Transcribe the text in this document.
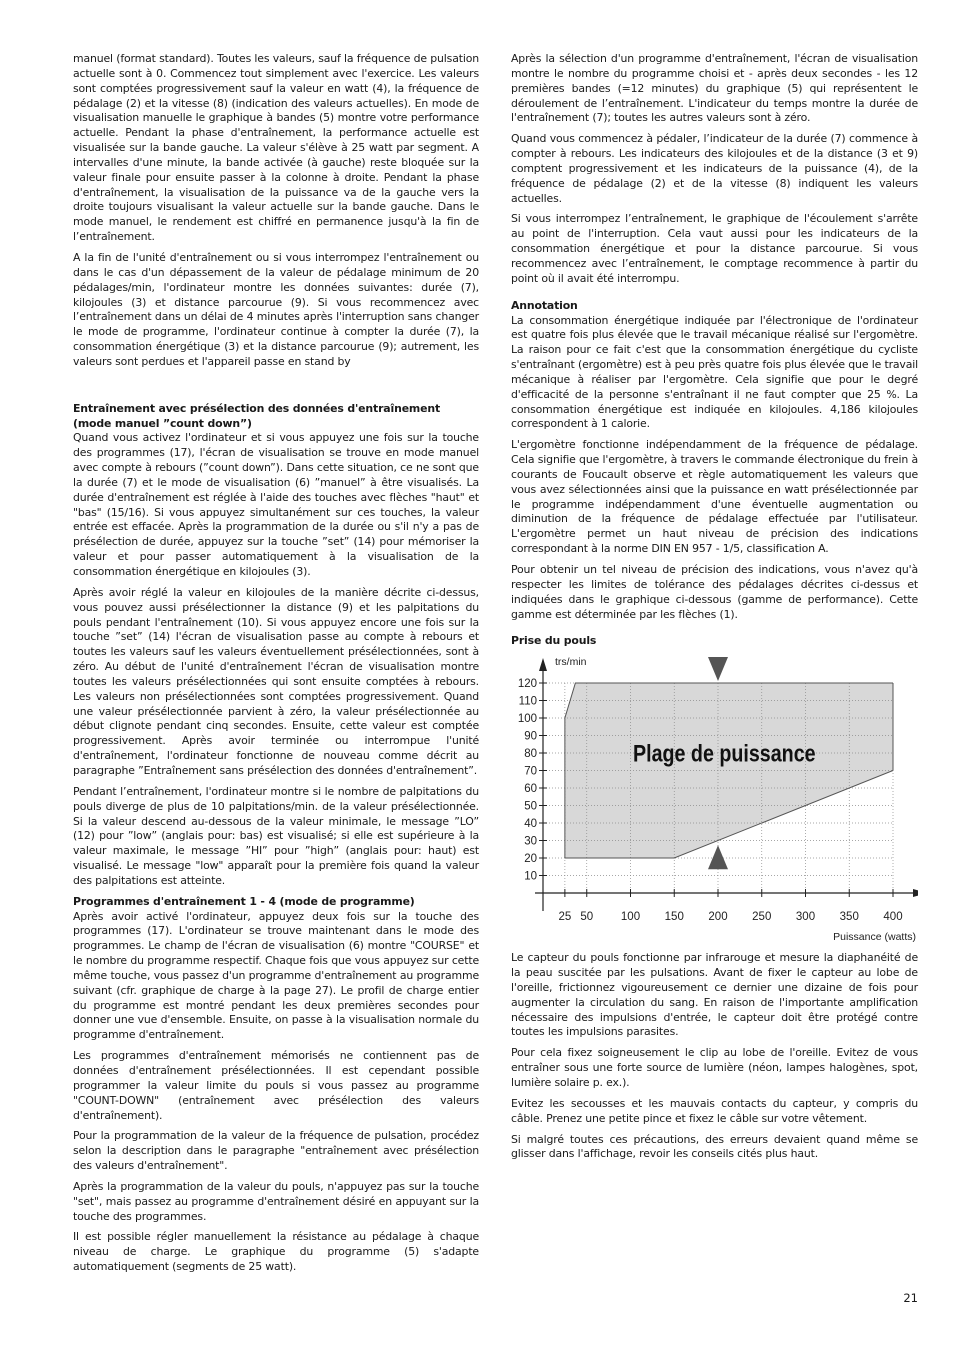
manuel (format standard). Toutes les valeurs, sauf la fréquence de pulsation actuelle sont à 0. Commencez tout simplement avec l'exercice. Les valeurs sont comptées progressivement sauf la valeur en watt (4), la fréquence de pédalage (2) et la vitesse (8) (indication des valeurs actuelles). En mode de visualisation manuelle le graphique à bandes (5) montre votre performance actuelle. Pendant la phase d'entraînement, la performance actuelle est visualisée sur la bande gauche. La valeur s'élève à 25 watt par segment. A intervalles d'une minute, la bande activée (à gauche) reste bloquée sur la valeur finale pour ensuite passer à la colonne à droite. Pendant la phase d'entraînement, la visualisation de la puissance va de la gauche vers la droite toujours visualisant la valeur actuelle sur la bande gauche. Dans le mode manuel, le rendement est chiffré en permanence jusqu'à la fin de l’entraînement.

A la fin de l'unité d'entraînement ou si vous interrompez l'entraînement ou dans le cas d'un dépassement de la valeur de pédalage minimum de 20 pédalages/min, l'ordinateur montre les données suivantes: durée (7), kilojoules (3) et distance parcourue (9). Si vous recommencez avec l’entraînement dans un délai de 4 minutes après l'interruption sans changer le mode de programme, l'ordinateur continue à compter la durée (7), la consommation énergétique (3) et la distance parcourue (9); autrement, les valeurs sont perdues et l'appareil passe en stand by

Entraînement avec présélection des données d'entraînement (mode manuel ”count down”)

Quand vous activez l'ordinateur et si vous appuyez une fois sur la touche des programmes (17), l'écran de visualisation se trouve en mode manuel avec compte à rebours (”count down”). Dans cette situation, ce ne sont que la durée (7) et le mode de visualisation (6) ”manuel” à être visualisés. La durée d'entraînement est réglée à l'aide des touches avec flèches "haut" et "bas" (15/16). Si vous appuyez simultanément sur ces touches, la valeur entrée est effacée. Après la programmation de la durée ou s'il n'y a pas de présélection de durée, appuyez sur la touche ”set” (14) pour mémoriser la valeur et pour passer automatiquement à la visualisation de la consommation énergétique en kilojoules (3).

Après avoir réglé la valeur en kilojoules de la manière décrite ci-dessus, vous pouvez aussi présélectionner la distance (9) et les palpitations du pouls pendant l'entraînement (10). Si vous appuyez encore une fois sur la touche ”set” (14) l'écran de visualisation passe au compte à rebours et toutes les valeurs sauf les valeurs éventuellement présélectionnées, sont à zéro. Au début de l'unité d'entraînement l'écran de visualisation montre toutes les valeurs présélectionnées qui sont ensuite comptées à rebours. Les valeurs non présélectionnées sont comptées progressivement. Quand une valeur présélectionnée parvient à zéro, la valeur présélectionnée au début clignote pendant cinq secondes. Ensuite, cette valeur est comptée progressivement. Après avoir terminée ou interrompue l'unité d'entraînement, l'ordinateur fonctionne de nouveau comme décrit au paragraphe ”Entraînement sans présélection des données d'entraînement”.

Pendant l’entraînement, l'ordinateur montre si le nombre de palpitations du pouls diverge de plus de 10 palpitations/min. de la valeur présélectionnée. Si la valeur descend au-dessous de la valeur minimale, le message ”LO” (12) pour ”low” (anglais pour: bas) est visualisé; si elle est supérieure à la valeur maximale, le message ”HI” pour ”high” (anglais pour: haut) est visualisé. Le message "low" apparaît pour la première fois quand la valeur des palpitations est atteinte.

Programmes d'entraînement 1 - 4 (mode de programme)

Après avoir activé l'ordinateur, appuyez deux fois sur la touche des programmes (17). L'ordinateur se trouve maintenant dans le mode des programmes. Le champ de l'écran de visualisation (6) montre "COURSE" et le nombre du programme respectif. Chaque fois que vous appuyez sur cette même touche, vous passez d'un programme d'entraînement au programme suivant (cfr. graphique de charge à la page 27). Le profil de charge entier du programme est montré pendant les deux premières secondes pour donner une vue d'ensemble. Ensuite, on passe à la visualisation normale du programme d'entraînement.

Les programmes d'entraînement mémorisés ne contiennent pas de données d'entraînement présélectionnées. Il est cependant possible programmer la valeur limite du pouls si vous passez au programme "COUNT-DOWN" (entraînement avec présélection des valeurs d'entraînement).

Pour la programmation de la valeur de la fréquence de pulsation, procédez selon la description dans le paragraphe "entraînement avec présélection des valeurs d'entraînement".

Après la programmation de la valeur du pouls, n'appuyez pas sur la touche "set", mais passez au programme d'entraînement désiré en appuyant sur la touche des programmes.

Il est possible régler manuellement la résistance au pédalage à chaque niveau de charge. Le graphique du programme (5) s'adapte automatiquement (segments de 25 watt).

Après la sélection d'un programme d'entraînement, l'écran de visualisation montre le nombre du programme choisi et - après deux secondes - les 12 premières bandes (=12 minutes) du graphique (5) qui représentent le déroulement de l’entraînement. L'indicateur du temps montre la durée de l'entraînement (7); toutes les autres valeurs sont à zéro.

Quand vous commencez à pédaler, l’indicateur de la durée (7) commence à compter à rebours. Les indicateurs des kilojoules et de la distance (3 et 9) comptent progressivement et les indicateurs de la puissance (4), de la fréquence de pédalage (2) et de la vitesse (8) indiquent les valeurs actuelles.

Si vous interrompez l’entraînement, le graphique de l'écoulement s'arrête au point de l'interruption. Cela vaut aussi pour les indicateurs de la consommation énergétique et pour la distance parcourue. Si vous recommencez avec l’entraînement, le comptage recommence à partir du point où il avait été interrompu.

Annotation

La consommation énergétique indiquée par l'électronique de l'ordinateur est quatre fois plus élevée que le travail mécanique réalisé sur l'ergomètre. La raison pour ce fait c'est que la consommation énergétique du cycliste s'entraînant (ergomètre) est à peu près quatre fois plus élevée que le travail mécanique à réaliser par l'ergomètre. Cela signifie que pour le degré d'efficacité de la personne s'entraînant il ne faut compter que 25 %. La consommation énergétique est indiquée en kilojoules. 4,186 kilojoules correspondent à 1 calorie.

L'ergomètre fonctionne indépendamment de la fréquence de pédalage. Cela signifie que l'ergomètre, à travers le commande électronique du frein à courants de Foucault observe et règle automatiquement les valeurs que vous avez sélectionnées ainsi que la puissance en watt présélectionnée par le programme indépendamment d'une éventuelle augmentation ou diminution de la fréquence de pédalage effectuée par l'utilisateur. L'ergomètre permet un haut niveau de précision des indications correspondant à la norme DIN EN 957 - 1/5, classification A.

Pour obtenir un tel niveau de précision des indications, vous n'avez qu'à respecter les limites de tolérance des pédalages décrites ci-dessus et indiquées dans le graphique ci-dessous (gamme de performance). Cette gamme est déterminée par les flèches (1).

Prise du pouls
10
20
30
40
50
60
70
80
90
100
110
120
25 50 100 150 200 250 300 350 400
trs/min
Puissance (watts)
Plage de puissance

Le capteur du pouls fonctionne par infrarouge et mesure la diaphanéité de la peau suscitée par les pulsations. Avant de fixer le capteur au lobe de l'oreille, frictionnez vigoureusement ce dernier une dizaine de fois pour augmenter la circulation du sang. En raison de l'importante amplification nécessaire des impulsions d'entrée, le capteur doit être protégé contre toutes les impulsions parasites.

Pour cela fixez soigneusement le clip au lobe de l'oreille. Evitez de vous entraîner sous une forte source de lumière (néon, lampes halogènes, spot, lumière solaire p. ex.).

Evitez les secousses et les mauvais contacts du capteur, y compris du câble. Prenez une petite pince et fixez le câble sur votre vêtement.

Si malgré toutes ces précautions, des erreurs devaient quand même se glisser dans l'affichage, revoir les conseils cités plus haut.

21
